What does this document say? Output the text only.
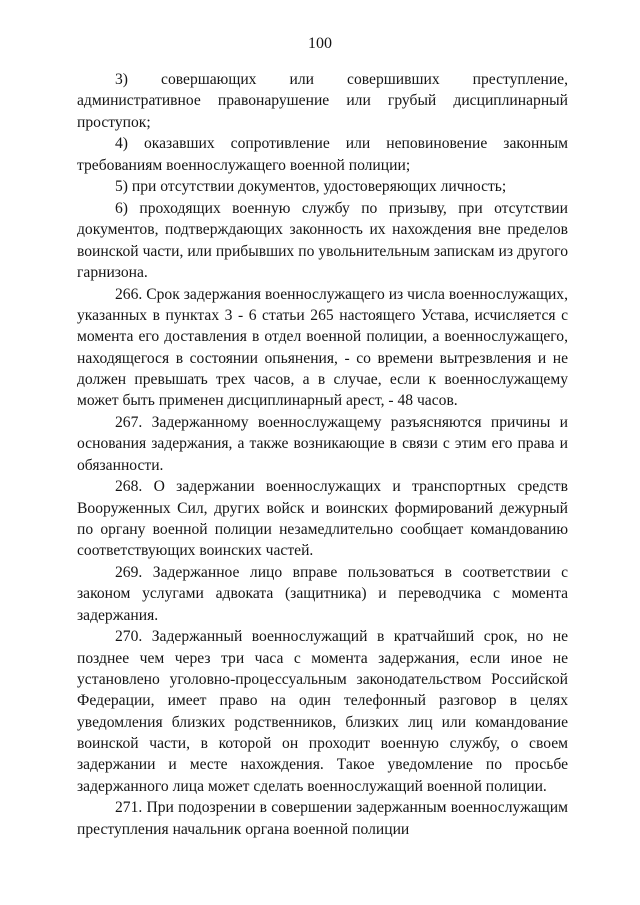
100

3)     совершающих     или     совершивших     преступление, административное правонарушение или грубый дисциплинарный проступок;

4) оказавших сопротивление или неповиновение законным требованиям военнослужащего военной полиции;

5) при отсутствии документов, удостоверяющих личность;

6) проходящих военную службу по призыву, при отсутствии документов, подтверждающих законность их нахождения вне пределов воинской части, или прибывших по увольнительным запискам из другого гарнизона.

266. Срок задержания военнослужащего из числа военнослужащих, указанных в пунктах 3 - 6 статьи 265 настоящего Устава, исчисляется с момента его доставления в отдел военной полиции, а военнослужащего, находящегося в состоянии опьянения, - со времени вытрезвления и не должен превышать трех часов, а в случае, если к военнослужащему может быть применен дисциплинарный арест, - 48 часов.

267. Задержанному военнослужащему разъясняются причины и основания задержания, а также возникающие в связи с этим его права и обязанности.

268. О задержании военнослужащих и транспортных средств Вооруженных Сил, других войск и воинских формирований дежурный по органу военной полиции незамедлительно сообщает командованию соответствующих воинских частей.

269. Задержанное лицо вправе пользоваться в соответствии с законом услугами адвоката (защитника) и переводчика с момента задержания.

270. Задержанный военнослужащий в кратчайший срок, но не позднее чем через три часа с момента задержания, если иное не установлено уголовно-процессуальным законодательством Российской Федерации, имеет право на один телефонный разговор в целях уведомления близких родственников, близких лиц или командование воинской части, в которой он проходит военную службу, о своем задержании и месте нахождения. Такое уведомление по просьбе задержанного лица может сделать военнослужащий военной полиции.

271. При подозрении в совершении задержанным военнослужащим преступления начальник органа военной полиции
